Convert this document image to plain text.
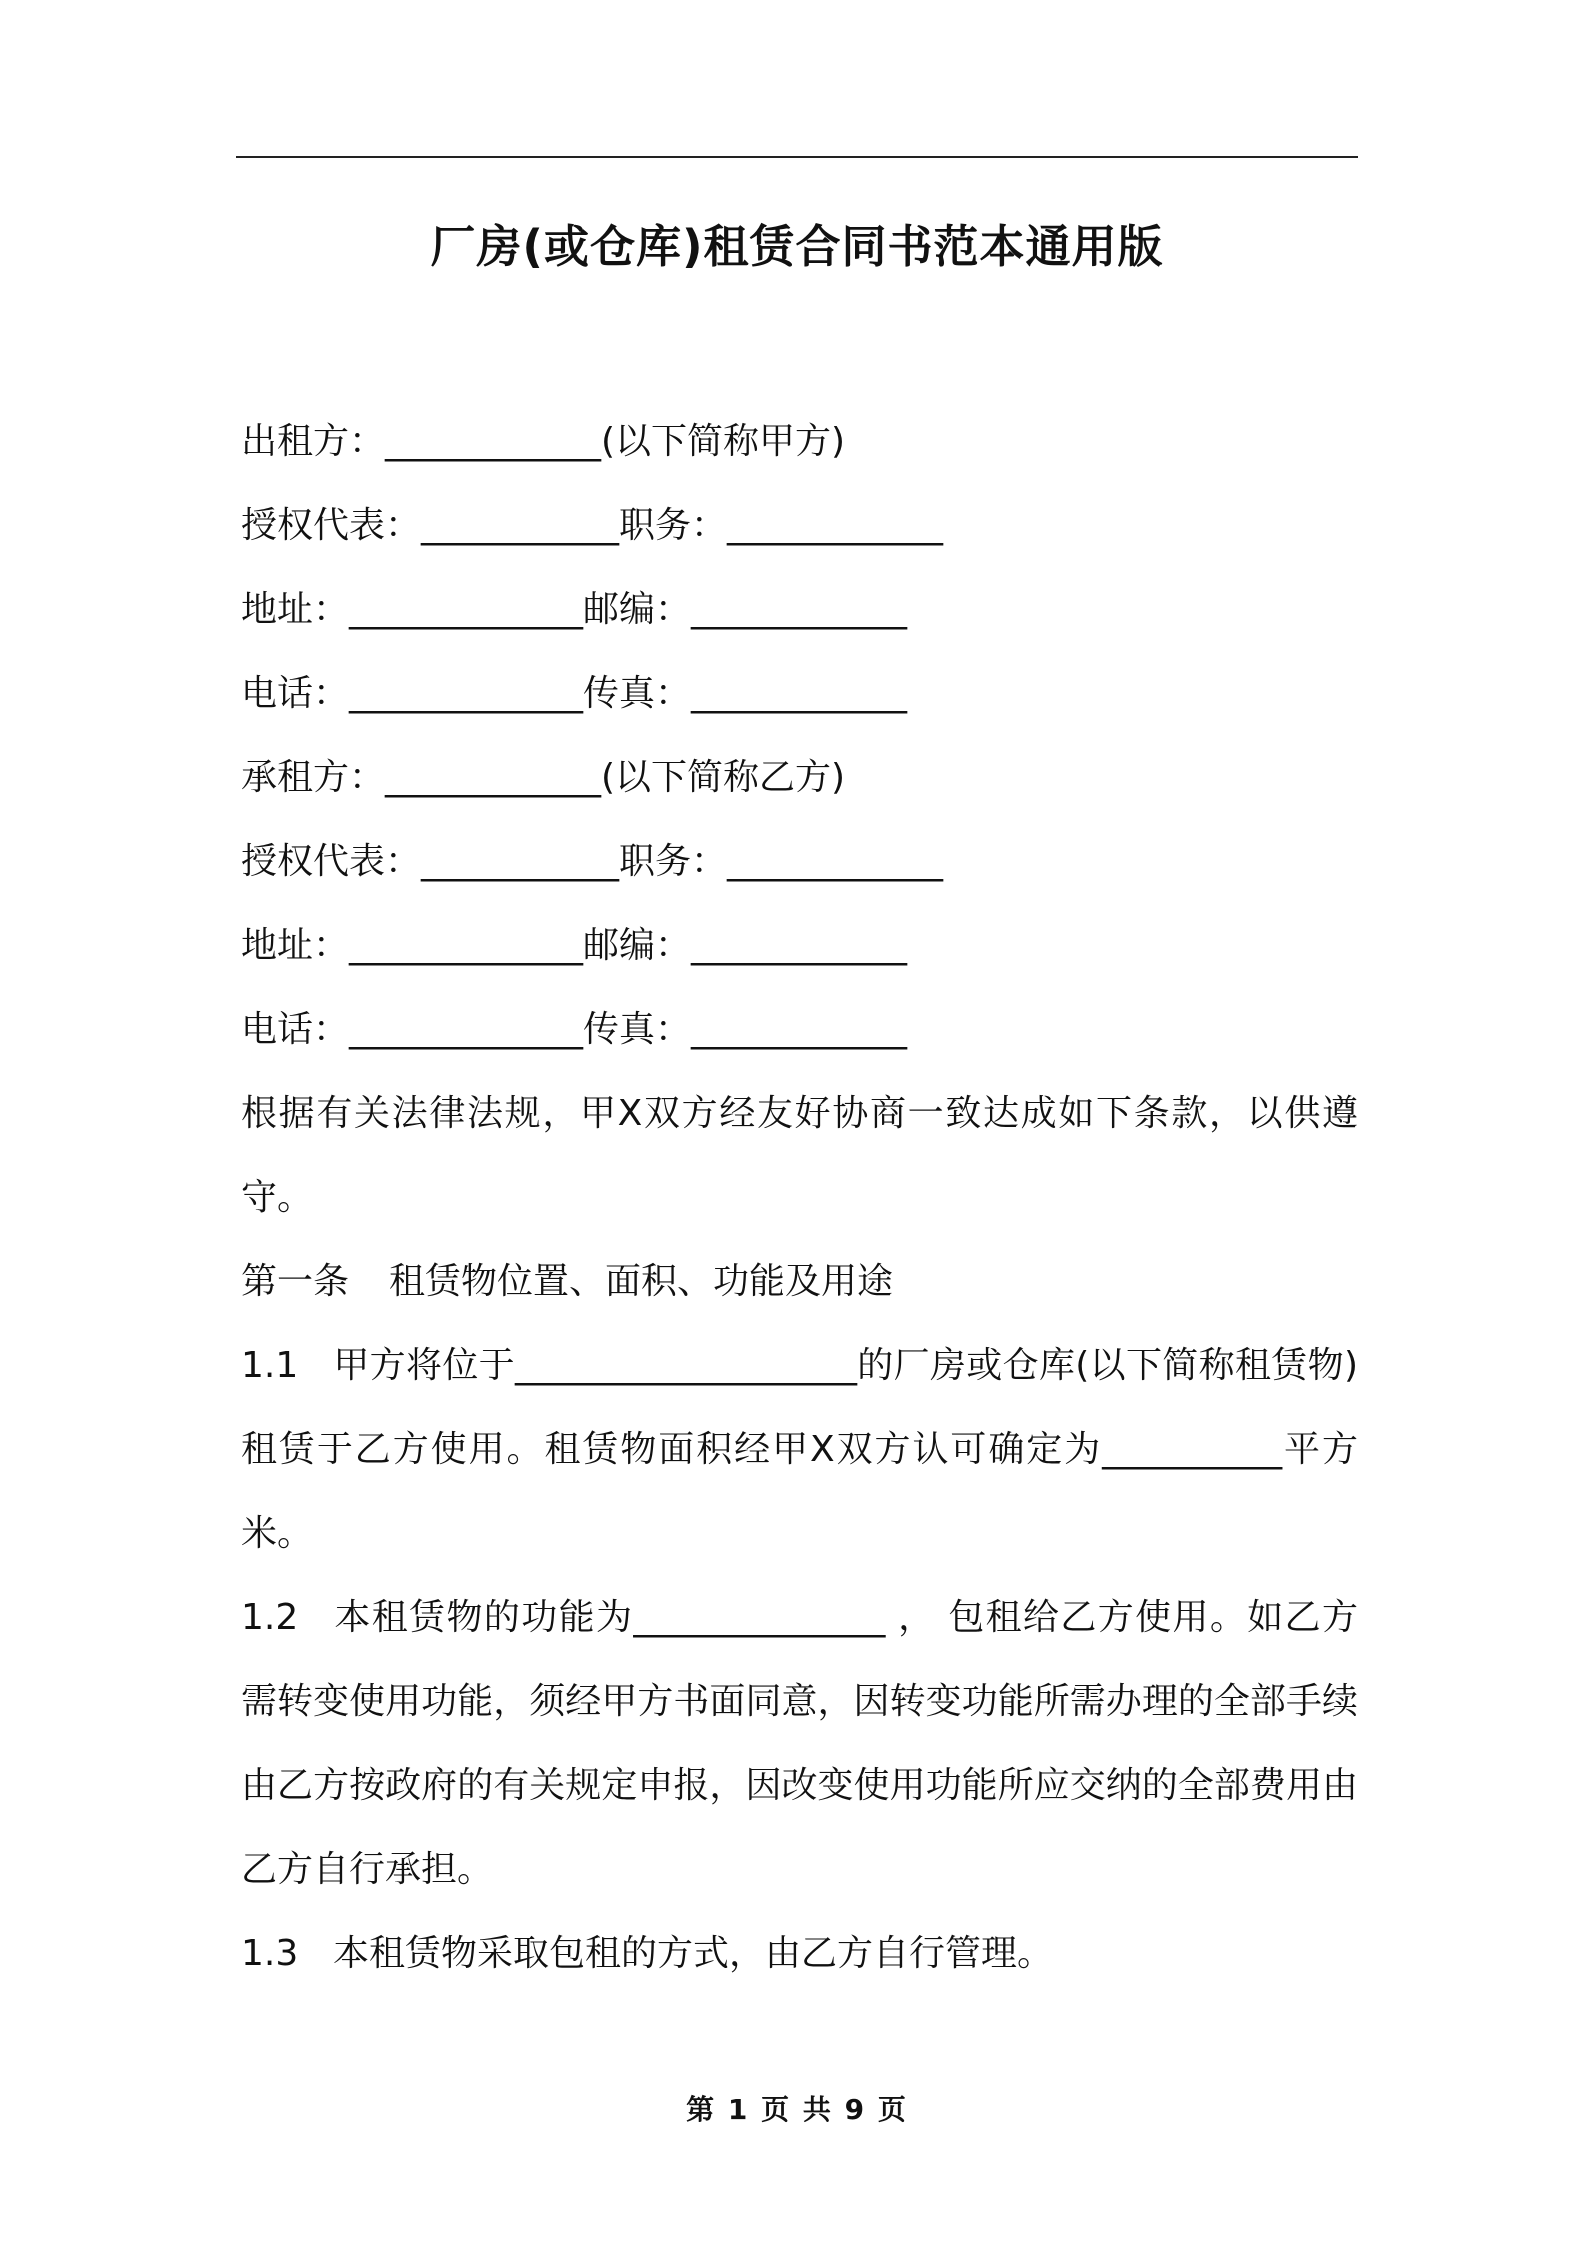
厂房(或仓库)租赁合同书范本通用版
出租方：____________(以下简称甲方)
授权代表：___________职务：____________
地址：_____________邮编：____________
电话：_____________传真：____________
承租方：____________(以下简称乙方)
授权代表：___________职务：____________
地址：_____________邮编：____________
电话：_____________传真：____________

根据有关法律法规，甲X双方经友好协商一致达成如下条款，以供遵守。

第一条 租赁物位置、面积、功能及用途

1.1 甲方将位于___________________的厂房或仓库(以下简称租赁物)租赁于乙方使用。租赁物面积经甲X双方认可确定为__________平方米。

1.2 本租赁物的功能为______________ ， 包租给乙方使用。如乙方需转变使用功能，须经甲方书面同意，因转变功能所需办理的全部手续由乙方按政府的有关规定申报，因改变使用功能所应交纳的全部费用由乙方自行承担。

1.3 本租赁物采取包租的方式，由乙方自行管理。

第 1 页 共 9 页
